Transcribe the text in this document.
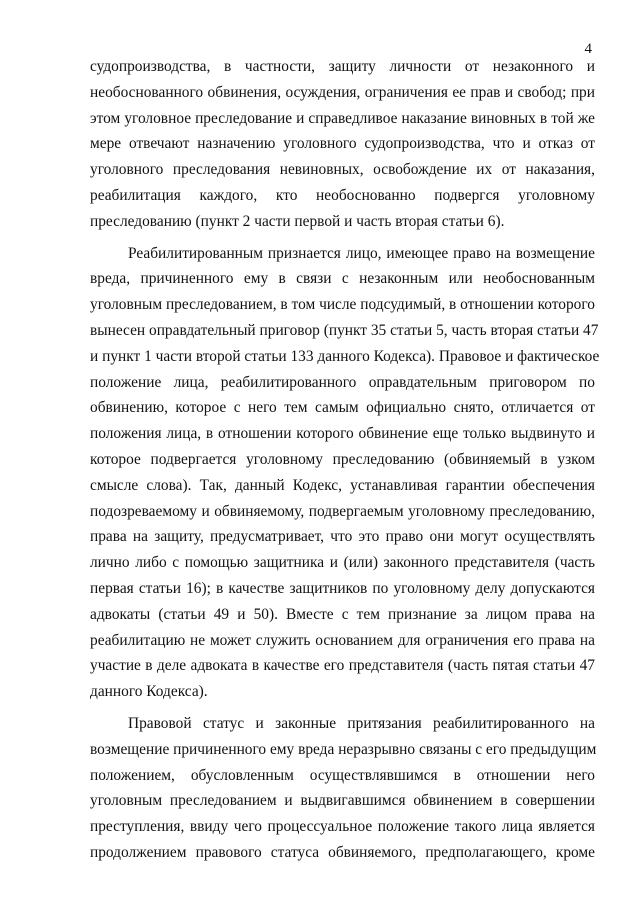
4
судопроизводства, в частности, защиту личности от незаконного и
необоснованного обвинения, осуждения, ограничения ее прав и свобод; при
этом уголовное преследование и справедливое наказание виновных в той же
мере отвечают назначению уголовного судопроизводства, что и отказ от
уголовного преследования невиновных, освобождение их от наказания,
реабилитация каждого, кто необоснованно подвергся уголовному
преследованию (пункт 2 части первой и часть вторая статьи 6).
Реабилитированным признается лицо, имеющее право на возмещение
вреда, причиненного ему в связи с незаконным или необоснованным
уголовным преследованием, в том числе подсудимый, в отношении которого
вынесен оправдательный приговор (пункт 35 статьи 5, часть вторая статьи 47
и пункт 1 части второй статьи 133 данного Кодекса). Правовое и фактическое
положение лица, реабилитированного оправдательным приговором по
обвинению, которое с него тем самым официально снято, отличается от
положения лица, в отношении которого обвинение еще только выдвинуто и
которое подвергается уголовному преследованию (обвиняемый в узком
смысле слова). Так, данный Кодекс, устанавливая гарантии обеспечения
подозреваемому и обвиняемому, подвергаемым уголовному преследованию,
права на защиту, предусматривает, что это право они могут осуществлять
лично либо с помощью защитника и (или) законного представителя (часть
первая статьи 16); в качестве защитников по уголовному делу допускаются
адвокаты (статьи 49 и 50). Вместе с тем признание за лицом права на
реабилитацию не может служить основанием для ограничения его права на
участие в деле адвоката в качестве его представителя (часть пятая статьи 47
данного Кодекса).
Правовой статус и законные притязания реабилитированного на
возмещение причиненного ему вреда неразрывно связаны с его предыдущим
положением, обусловленным осуществлявшимся в отношении него
уголовным преследованием и выдвигавшимся обвинением в совершении
преступления, ввиду чего процессуальное положение такого лица является
продолжением правового статуса обвиняемого, предполагающего, кроме
